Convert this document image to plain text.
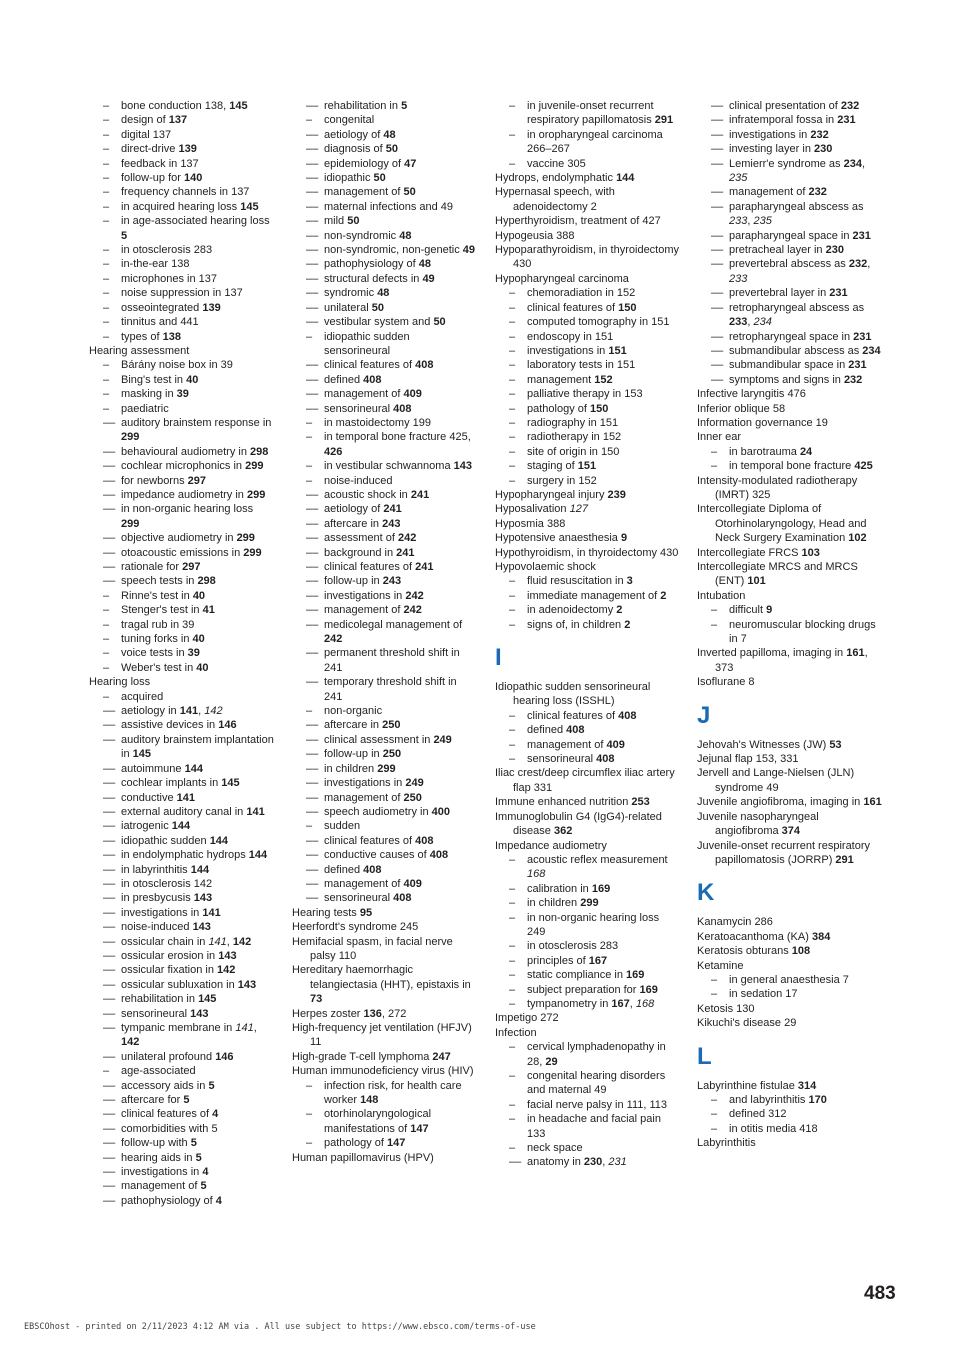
– bone conduction 138, 145
– design of 137
– digital 137
– direct-drive 139
– feedback in 137
– follow-up for 140
– frequency channels in 137
– in acquired hearing loss 145
– in age-associated hearing loss 5
– in otosclerosis 283
– in-the-ear 138
– microphones in 137
– noise suppression in 137
– osseointegrated 139
– tinnitus and 441
– types of 138
Hearing assessment
– Bárány noise box in 39
– Bing's test in 40
– masking in 39
– paediatric
–– auditory brainstem response in 299
–– behavioural audiometry in 298
–– cochlear microphonics in 299
–– for newborns 297
–– impedance audiometry in 299
–– in non-organic hearing loss 299
–– objective audiometry in 299
–– otoacoustic emissions in 299
–– rationale for 297
–– speech tests in 298
– Rinne's test in 40
– Stenger's test in 41
– tragal rub in 39
– tuning forks in 40
– voice tests in 39
– Weber's test in 40
Hearing loss
– acquired
–– aetiology in 141, 142
–– assistive devices in 146
–– auditory brainstem implantation in 145
–– autoimmune 144
–– cochlear implants in 145
–– conductive 141
–– external auditory canal in 141
–– iatrogenic 144
–– idiopathic sudden 144
–– in endolymphatic hydrops 144
–– in labyrinthitis 144
–– in otosclerosis 142
–– in presbycusis 143
–– investigations in 141
–– noise-induced 143
–– ossicular chain in 141, 142
–– ossicular erosion in 143
–– ossicular fixation in 142
–– ossicular subluxation in 143
–– rehabilitation in 145
–– sensorineural 143
–– tympanic membrane in 141, 142
–– unilateral profound 146
– age-associated
–– accessory aids in 5
–– aftercare for 5
–– clinical features of 4
–– comorbidities with 5
–– follow-up with 5
–– hearing aids in 5
–– investigations in 4
–– management of 5
–– pathophysiology of 4
–– rehabilitation in 5
– congenital
–– aetiology of 48
–– diagnosis of 50
–– epidemiology of 47
–– idiopathic 50
–– management of 50
–– maternal infections and 49
–– mild 50
–– non-syndromic 48
–– non-syndromic, non-genetic 49
–– pathophysiology of 48
–– structural defects in 49
–– syndromic 48
–– unilateral 50
–– vestibular system and 50
– idiopathic sudden sensorineural
–– clinical features of 408
–– defined 408
–– management of 409
–– sensorineural 408
– in mastoidectomy 199
– in temporal bone fracture 425, 426
– in vestibular schwannoma 143
– noise-induced
–– acoustic shock in 241
–– aetiology of 241
–– aftercare in 243
–– assessment of 242
–– background in 241
–– clinical features of 241
–– follow-up in 243
–– investigations in 242
–– management of 242
–– medicolegal management of 242
–– permanent threshold shift in 241
–– temporary threshold shift in 241
– non-organic
–– aftercare in 250
–– clinical assessment in 249
–– follow-up in 250
–– in children 299
–– investigations in 249
–– management of 250
–– speech audiometry in 400
– sudden
–– clinical features of 408
–– conductive causes of 408
–– defined 408
–– management of 409
–– sensorineural 408
Hearing tests 95
Heerfordt's syndrome 245
Hemifacial spasm, in facial nerve palsy 110
Hereditary haemorrhagic telangiectasia (HHT), epistaxis in 73
Herpes zoster 136, 272
High-frequency jet ventilation (HFJV) 11
High-grade T-cell lymphoma 247
Human immunodeficiency virus (HIV)
– infection risk, for health care worker 148
– otorhinolaryngological manifestations of 147
– pathology of 147
Human papillomavirus (HPV)
– in juvenile-onset recurrent respiratory papillomatosis 291
– in oropharyngeal carcinoma 266–267
– vaccine 305
Hydrops, endolymphatic 144
Hypernasal speech, with adenoidectomy 2
Hyperthyroidism, treatment of 427
Hypogeusia 388
Hypoparathyroidism, in thyroidectomy 430
Hypopharyngeal carcinoma
– chemoradiation in 152
– clinical features of 150
– computed tomography in 151
– endoscopy in 151
– investigations in 151
– laboratory tests in 151
– management 152
– palliative therapy in 153
– pathology of 150
– radiography in 151
– radiotherapy in 152
– site of origin in 150
– staging of 151
– surgery in 152
Hypopharyngeal injury 239
Hyposalivation 127
Hyposmia 388
Hypotensive anaesthesia 9
Hypothyroidism, in thyroidectomy 430
Hypovolaemic shock
– fluid resuscitation in 3
– immediate management of 2
– in adenoidectomy 2
– signs of, in children 2
I
Idiopathic sudden sensorineural hearing loss (ISSHL)
– clinical features of 408
– defined 408
– management of 409
– sensorineural 408
Iliac crest/deep circumflex iliac artery flap 331
Immune enhanced nutrition 253
Immunoglobulin G4 (IgG4)-related disease 362
Impedance audiometry
– acoustic reflex measurement 168
– calibration in 169
– in children 299
– in non-organic hearing loss 249
– in otosclerosis 283
– principles of 167
– static compliance in 169
– subject preparation for 169
– tympanometry in 167, 168
Impetigo 272
Infection
– cervical lymphadenopathy in 28, 29
– congenital hearing disorders and maternal 49
– facial nerve palsy in 111, 113
– in headache and facial pain 133
– neck space
–– anatomy in 230, 231
–– clinical presentation of 232
–– infratemporal fossa in 231
–– investigations in 232
–– investing layer in 230
–– Lemierr'e syndrome as 234, 235
–– management of 232
–– parapharyngeal abscess as 233, 235
–– parapharyngeal space in 231
–– pretracheal layer in 230
–– prevertebral abscess as 232, 233
–– prevertebral layer in 231
–– retropharyngeal abscess as 233, 234
–– retropharyngeal space in 231
–– submandibular abscess as 234
–– submandibular space in 231
–– symptoms and signs in 232
Infective laryngitis 476
Inferior oblique 58
Information governance 19
Inner ear
– in barotrauma 24
– in temporal bone fracture 425
Intensity-modulated radiotherapy (IMRT) 325
Intercollegiate Diploma of Otorhinolaryngology, Head and Neck Surgery Examination 102
Intercollegiate FRCS 103
Intercollegiate MRCS and MRCS (ENT) 101
Intubation
– difficult 9
– neuromuscular blocking drugs in 7
Inverted papilloma, imaging in 161, 373
Isoflurane 8
J
Jehovah's Witnesses (JW) 53
Jejunal flap 153, 331
Jervell and Lange-Nielsen (JLN) syndrome 49
Juvenile angiofibroma, imaging in 161
Juvenile nasopharyngeal angiofibroma 374
Juvenile-onset recurrent respiratory papillomatosis (JORRP) 291
K
Kanamycin 286
Keratoacanthoma (KA) 384
Keratosis obturans 108
Ketamine
– in general anaesthesia 7
– in sedation 17
Ketosis 130
Kikuchi's disease 29
L
Labyrinthine fistulae 314
– and labyrinthitis 170
– defined 312
– in otitis media 418
Labyrinthitis
483
EBSCOhost - printed on 2/11/2023 4:12 AM via . All use subject to https://www.ebsco.com/terms-of-use
